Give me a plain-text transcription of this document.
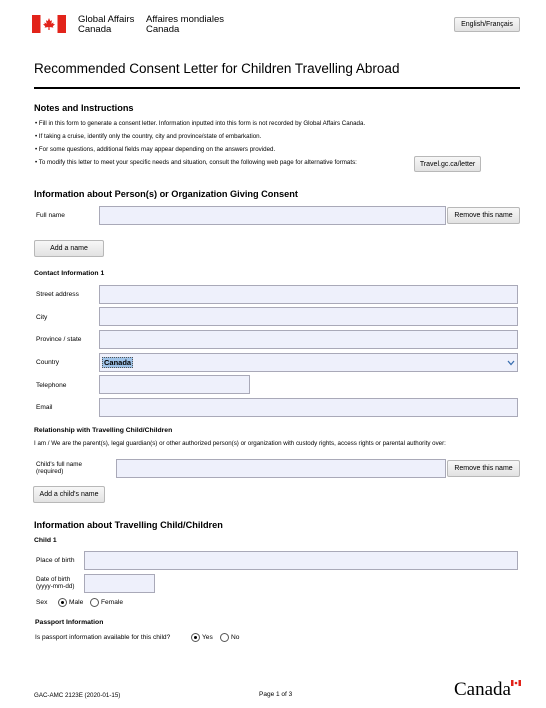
Global Affairs
Canada
Affaires mondiales
Canada	English/Français
Recommended Consent Letter for Children Travelling Abroad
Notes and Instructions
• Fill in this form to generate a consent letter. Information inputted into this form is not recorded by Global Affairs Canada.
• If taking a cruise, identify only the country, city and province/state of embarkation.
• For some questions, additional fields may appear depending on the answers provided.
• To modify this letter to meet your specific needs and situation, consult the following web page for alternative formats:	Travel.gc.ca/letter
Information about Person(s) or Organization Giving Consent
Full name	Remove this name
Add a name
Contact Information 1
Street address
City
Province / state
Country	Canada
Telephone
Email
Relationship with Travelling Child/Children
I am / We are the parent(s), legal guardian(s) or other authorized person(s) or organization with custody rights, access rights or parental authority over:
Child's full name
(required)	Remove this name
Add a child's name
Information about Travelling Child/Children
Child 1
Place of birth
Date of birth
(yyyy-mm-dd)
Sex	Male	Female
Passport Information
Is passport information available for this child?	Yes	No
GAC-AMC 2123E (2020-01-15)	Page 1 of 3	Canada
